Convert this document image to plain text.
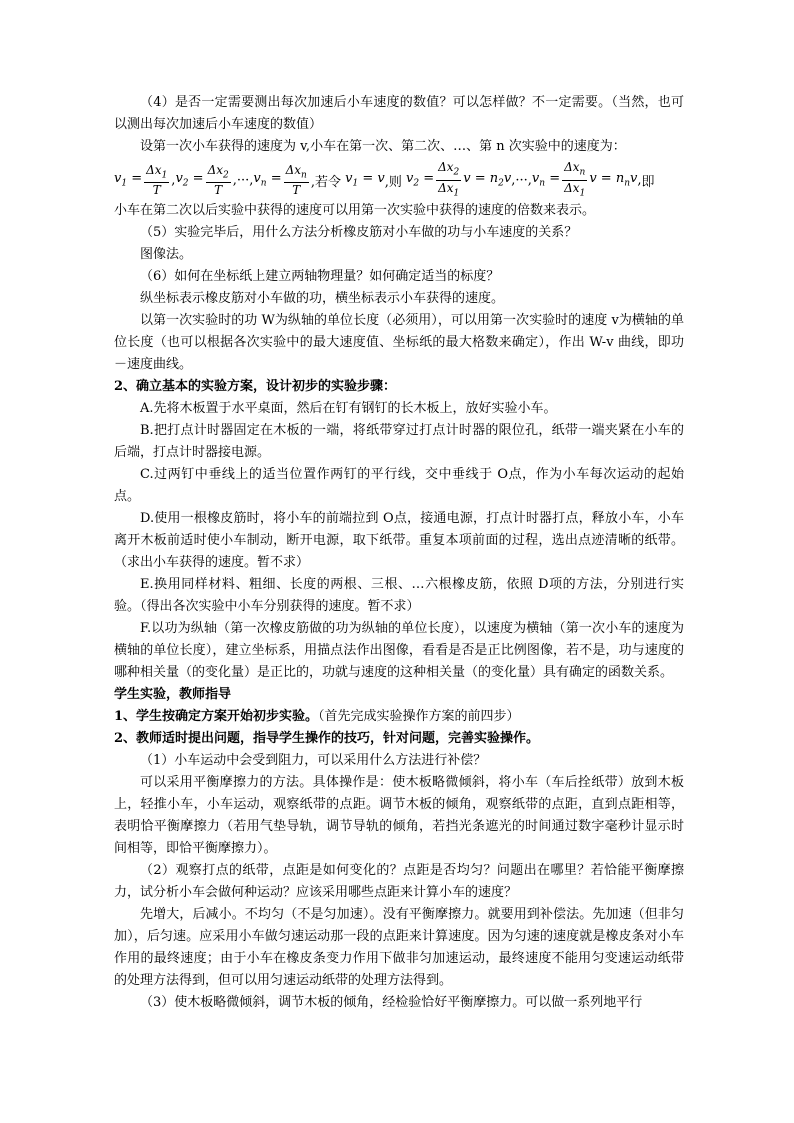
（4）是否一定需要测出每次加速后小车速度的数值？可以怎样做？不一定需要。（当然，也可以测出每次加速后小车速度的数值）

设第一次小车获得的速度为 v,小车在第一次、第二次、…、第 n 次实验中的速度为：

$v_1 = \frac{\Delta x_1}{T}$ , $v_2 = \frac{\Delta x_2}{T}$ ,···, $v_n = \frac{\Delta x_n}{T}$ ,若令 $v_1 = v$ ,则 $v_2 = \frac{\Delta x_2}{\Delta x_1}$ $v = n_2v$ ,···, $v_n = \frac{\Delta x_n}{\Delta x_1}$ $v = n_nv$ , 即

小车在第二次以后实验中获得的速度可以用第一次实验中获得的速度的倍数来表示。

（5）实验完毕后，用什么方法分析橡皮筋对小车做的功与小车速度的关系？

图像法。

（6）如何在坐标纸上建立两轴物理量？如何确定适当的标度？

纵坐标表示橡皮筋对小车做的功，横坐标表示小车获得的速度。

以第一次实验时的功 W为纵轴的单位长度（必须用），可以用第一次实验时的速度 v为横轴的单位长度（也可以根据各次实验中的最大速度值、坐标纸的最大格数来确定），作出 W-v 曲线，即功－速度曲线。

2、确立基本的实验方案，设计初步的实验步骤：

A.先将木板置于水平桌面，然后在钉有钢钉的长木板上，放好实验小车。

B.把打点计时器固定在木板的一端，将纸带穿过打点计时器的限位孔，纸带一端夹紧在小车的后端，打点计时器接电源。

C.过两钉中垂线上的适当位置作两钉的平行线，交中垂线于 O点，作为小车每次运动的起始点。

D.使用一根橡皮筋时，将小车的前端拉到 O点，接通电源，打点计时器打点，释放小车，小车离开木板前适时使小车制动，断开电源，取下纸带。重复本项前面的过程，选出点迹清晰的纸带。（求出小车获得的速度。暂不求）

E.换用同样材料、粗细、长度的两根、三根、…六根橡皮筋，依照 D项的方法，分别进行实验。（得出各次实验中小车分别获得的速度。暂不求）

F.以功为纵轴（第一次橡皮筋做的功为纵轴的单位长度），以速度为横轴（第一次小车的速度为横轴的单位长度），建立坐标系，用描点法作出图像，看看是否是正比例图像，若不是，功与速度的哪种相关量（的变化量）是正比的，功就与速度的这种相关量（的变化量）具有确定的函数关系。

学生实验，教师指导

1、学生按确定方案开始初步实验。（首先完成实验操作方案的前四步）

2、教师适时提出问题，指导学生操作的技巧，针对问题，完善实验操作。

（1）小车运动中会受到阻力，可以采用什么方法进行补偿？

可以采用平衡摩擦力的方法。具体操作是：使木板略微倾斜，将小车（车后拴纸带）放到木板上，轻推小车，小车运动，观察纸带的点距。调节木板的倾角，观察纸带的点距，直到点距相等，表明恰平衡摩擦力（若用气垫导轨，调节导轨的倾角，若挡光条遮光的时间通过数字毫秒计显示时间相等，即恰平衡摩擦力）。

（2）观察打点的纸带，点距是如何变化的？点距是否均匀？问题出在哪里？若恰能平衡摩擦力，试分析小车会做何种运动？应该采用哪些点距来计算小车的速度？

先增大，后减小。不均匀（不是匀加速）。没有平衡摩擦力。就要用到补偿法。先加速（但非匀加），后匀速。应采用小车做匀速运动那一段的点距来计算速度。因为匀速的速度就是橡皮条对小车作用的最终速度；由于小车在橡皮条变力作用下做非匀加速运动，最终速度不能用匀变速运动纸带的处理方法得到，但可以用匀速运动纸带的处理方法得到。

（3）使木板略微倾斜，调节木板的倾角，经检验恰好平衡摩擦力。可以做一系列地平行
